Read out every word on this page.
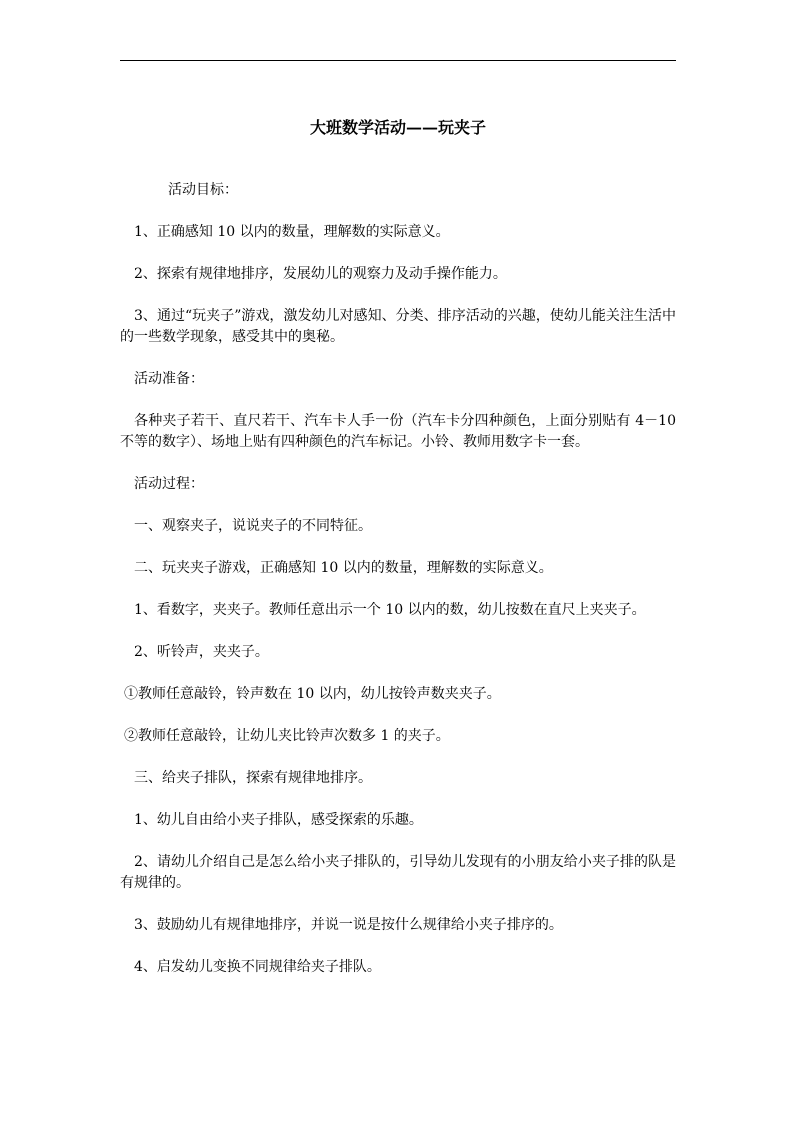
大班数学活动——玩夹子

活动目标：

1、正确感知 10 以内的数量，理解数的实际意义。

2、探索有规律地排序，发展幼儿的观察力及动手操作能力。

3、通过“玩夹子”游戏，激发幼儿对感知、分类、排序活动的兴趣，使幼儿能关注生活中的一些数学现象，感受其中的奥秘。

活动准备：

各种夹子若干、直尺若干、汽车卡人手一份（汽车卡分四种颜色，上面分别贴有 4－10 不等的数字）、场地上贴有四种颜色的汽车标记。小铃、教师用数字卡一套。

活动过程：

一、观察夹子，说说夹子的不同特征。

二、玩夹夹子游戏，正确感知 10 以内的数量，理解数的实际意义。

1、看数字，夹夹子。教师任意出示一个 10 以内的数，幼儿按数在直尺上夹夹子。

2、听铃声，夹夹子。

①教师任意敲铃，铃声数在 10 以内，幼儿按铃声数夹夹子。

②教师任意敲铃，让幼儿夹比铃声次数多 1 的夹子。

三、给夹子排队，探索有规律地排序。

1、幼儿自由给小夹子排队，感受探索的乐趣。

2、请幼儿介绍自己是怎么给小夹子排队的，引导幼儿发现有的小朋友给小夹子排的队是有规律的。

3、鼓励幼儿有规律地排序，并说一说是按什么规律给小夹子排序的。

4、启发幼儿变换不同规律给夹子排队。
